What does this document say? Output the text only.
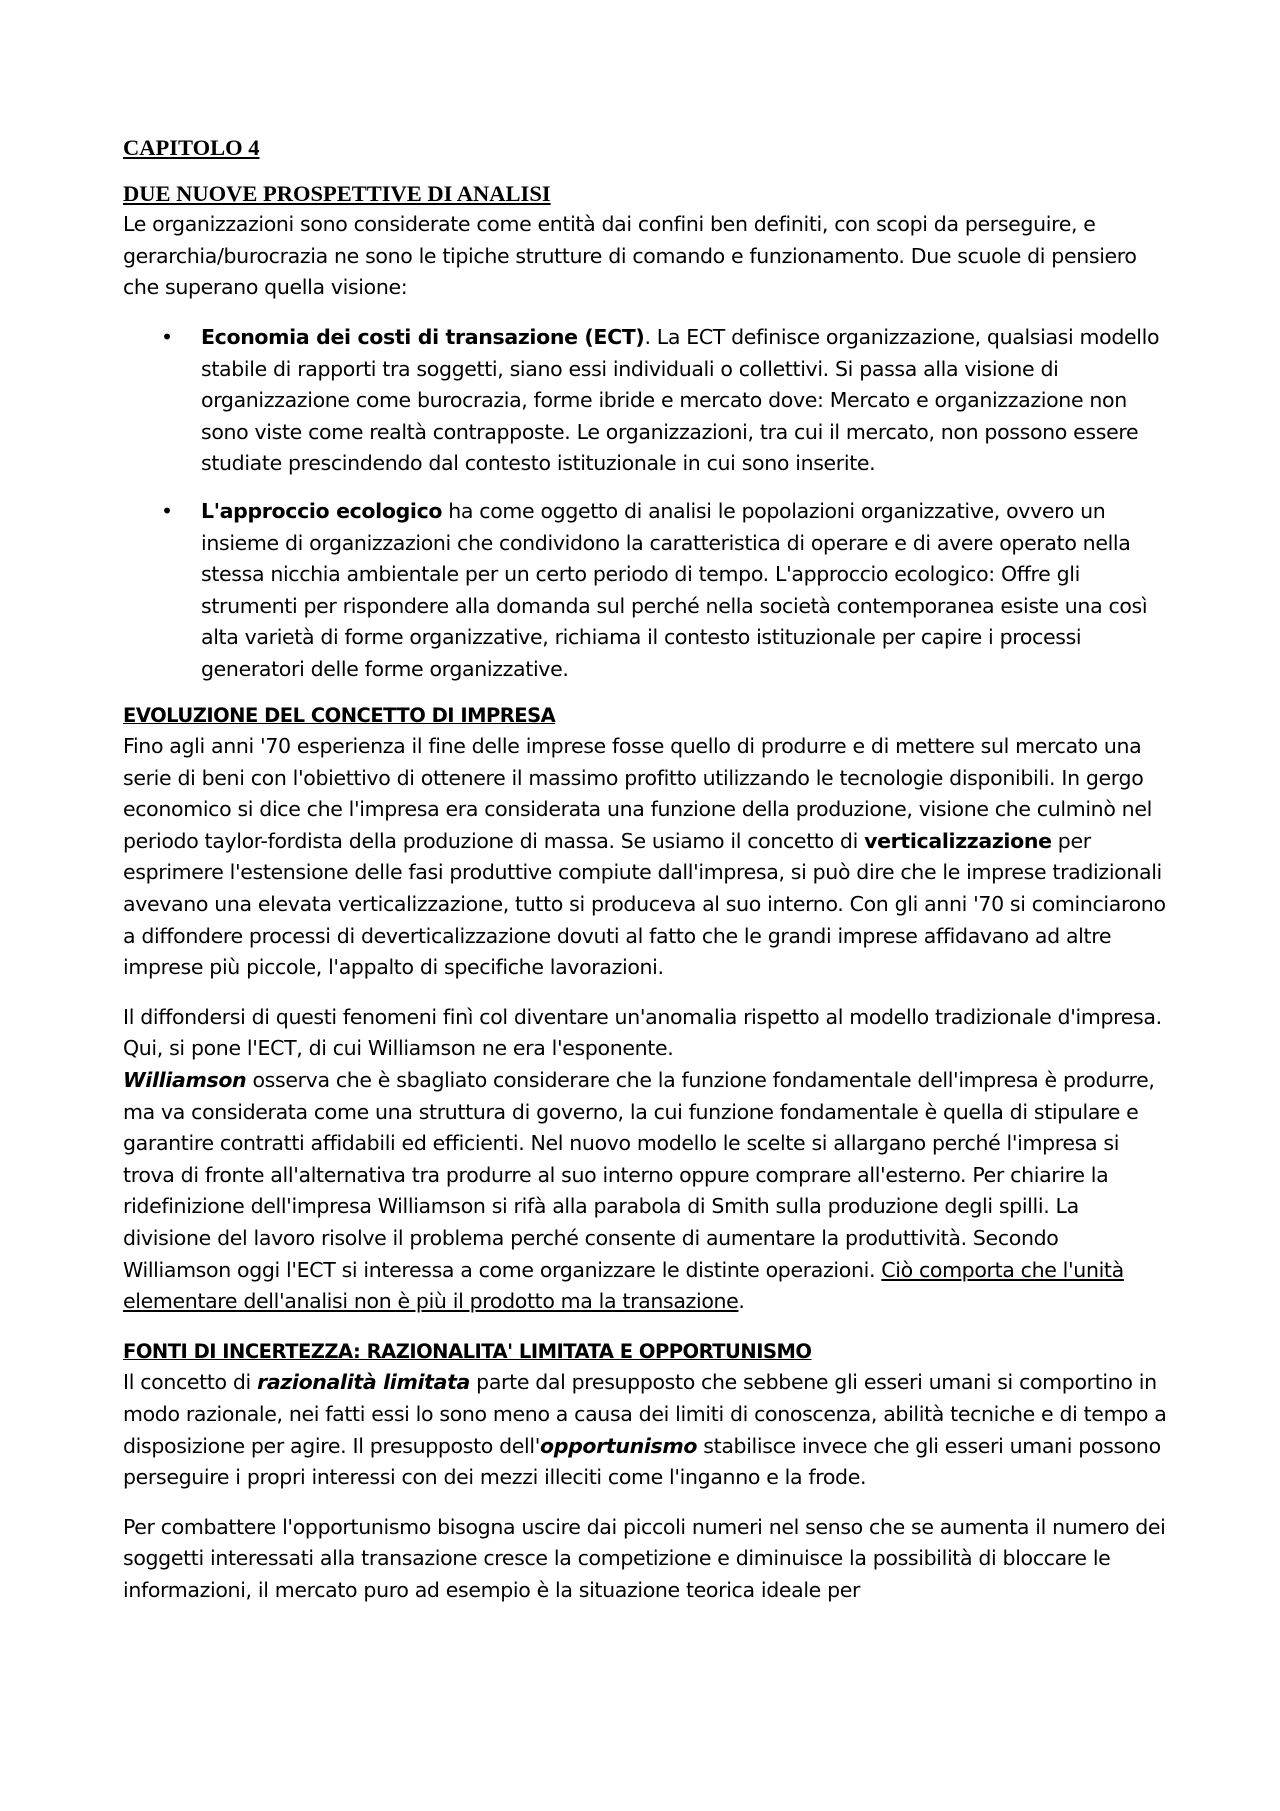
CAPITOLO 4

DUE NUOVE PROSPETTIVE DI ANALISI

Le organizzazioni sono considerate come entità dai confini ben definiti, con scopi da perseguire, e gerarchia/burocrazia ne sono le tipiche strutture di comando e funzionamento. Due scuole di pensiero che superano quella visione:

• Economia dei costi di transazione (ECT). La ECT definisce organizzazione, qualsiasi modello stabile di rapporti tra soggetti, siano essi individuali o collettivi. Si passa alla visione di organizzazione come burocrazia, forme ibride e mercato dove: Mercato e organizzazione non sono viste come realtà contrapposte. Le organizzazioni, tra cui il mercato, non possono essere studiate prescindendo dal contesto istituzionale in cui sono inserite.
• L'approccio ecologico ha come oggetto di analisi le popolazioni organizzative, ovvero un insieme di organizzazioni che condividono la caratteristica di operare e di avere operato nella stessa nicchia ambientale per un certo periodo di tempo. L'approccio ecologico: Offre gli strumenti per rispondere alla domanda sul perché nella società contemporanea esiste una così alta varietà di forme organizzative, richiama il contesto istituzionale per capire i processi generatori delle forme organizzative.

EVOLUZIONE DEL CONCETTO DI IMPRESA

Fino agli anni '70 esperienza il fine delle imprese fosse quello di produrre e di mettere sul mercato una serie di beni con l'obiettivo di ottenere il massimo profitto utilizzando le tecnologie disponibili. In gergo economico si dice che l'impresa era considerata una funzione della produzione, visione che culminò nel periodo taylor-fordista della produzione di massa. Se usiamo il concetto di verticalizzazione per esprimere l'estensione delle fasi produttive compiute dall'impresa, si può dire che le imprese tradizionali avevano una elevata verticalizzazione, tutto si produceva al suo interno. Con gli anni '70 si cominciarono a diffondere processi di deverticalizzazione dovuti al fatto che le grandi imprese affidavano ad altre imprese più piccole, l'appalto di specifiche lavorazioni.

Il diffondersi di questi fenomeni finì col diventare un'anomalia rispetto al modello tradizionale d'impresa. Qui, si pone l'ECT, di cui Williamson ne era l'esponente.

Williamson osserva che è sbagliato considerare che la funzione fondamentale dell'impresa è produrre, ma va considerata come una struttura di governo, la cui funzione fondamentale è quella di stipulare e garantire contratti affidabili ed efficienti. Nel nuovo modello le scelte si allargano perché l'impresa si trova di fronte all'alternativa tra produrre al suo interno oppure comprare all'esterno. Per chiarire la ridefinizione dell'impresa Williamson si rifà alla parabola di Smith sulla produzione degli spilli. La divisione del lavoro risolve il problema perché consente di aumentare la produttività. Secondo Williamson oggi l'ECT si interessa a come organizzare le distinte operazioni. Ciò comporta che l'unità elementare dell'analisi non è più il prodotto ma la transazione.

FONTI DI INCERTEZZA: RAZIONALITA' LIMITATA E OPPORTUNISMO

Il concetto di razionalità limitata parte dal presupposto che sebbene gli esseri umani si comportino in modo razionale, nei fatti essi lo sono meno a causa dei limiti di conoscenza, abilità tecniche e di tempo a disposizione per agire. Il presupposto dell'opportunismo stabilisce invece che gli esseri umani possono perseguire i propri interessi con dei mezzi illeciti come l'inganno e la frode.

Per combattere l'opportunismo bisogna uscire dai piccoli numeri nel senso che se aumenta il numero dei soggetti interessati alla transazione cresce la competizione e diminuisce la possibilità di bloccare le informazioni, il mercato puro ad esempio è la situazione teorica ideale per
